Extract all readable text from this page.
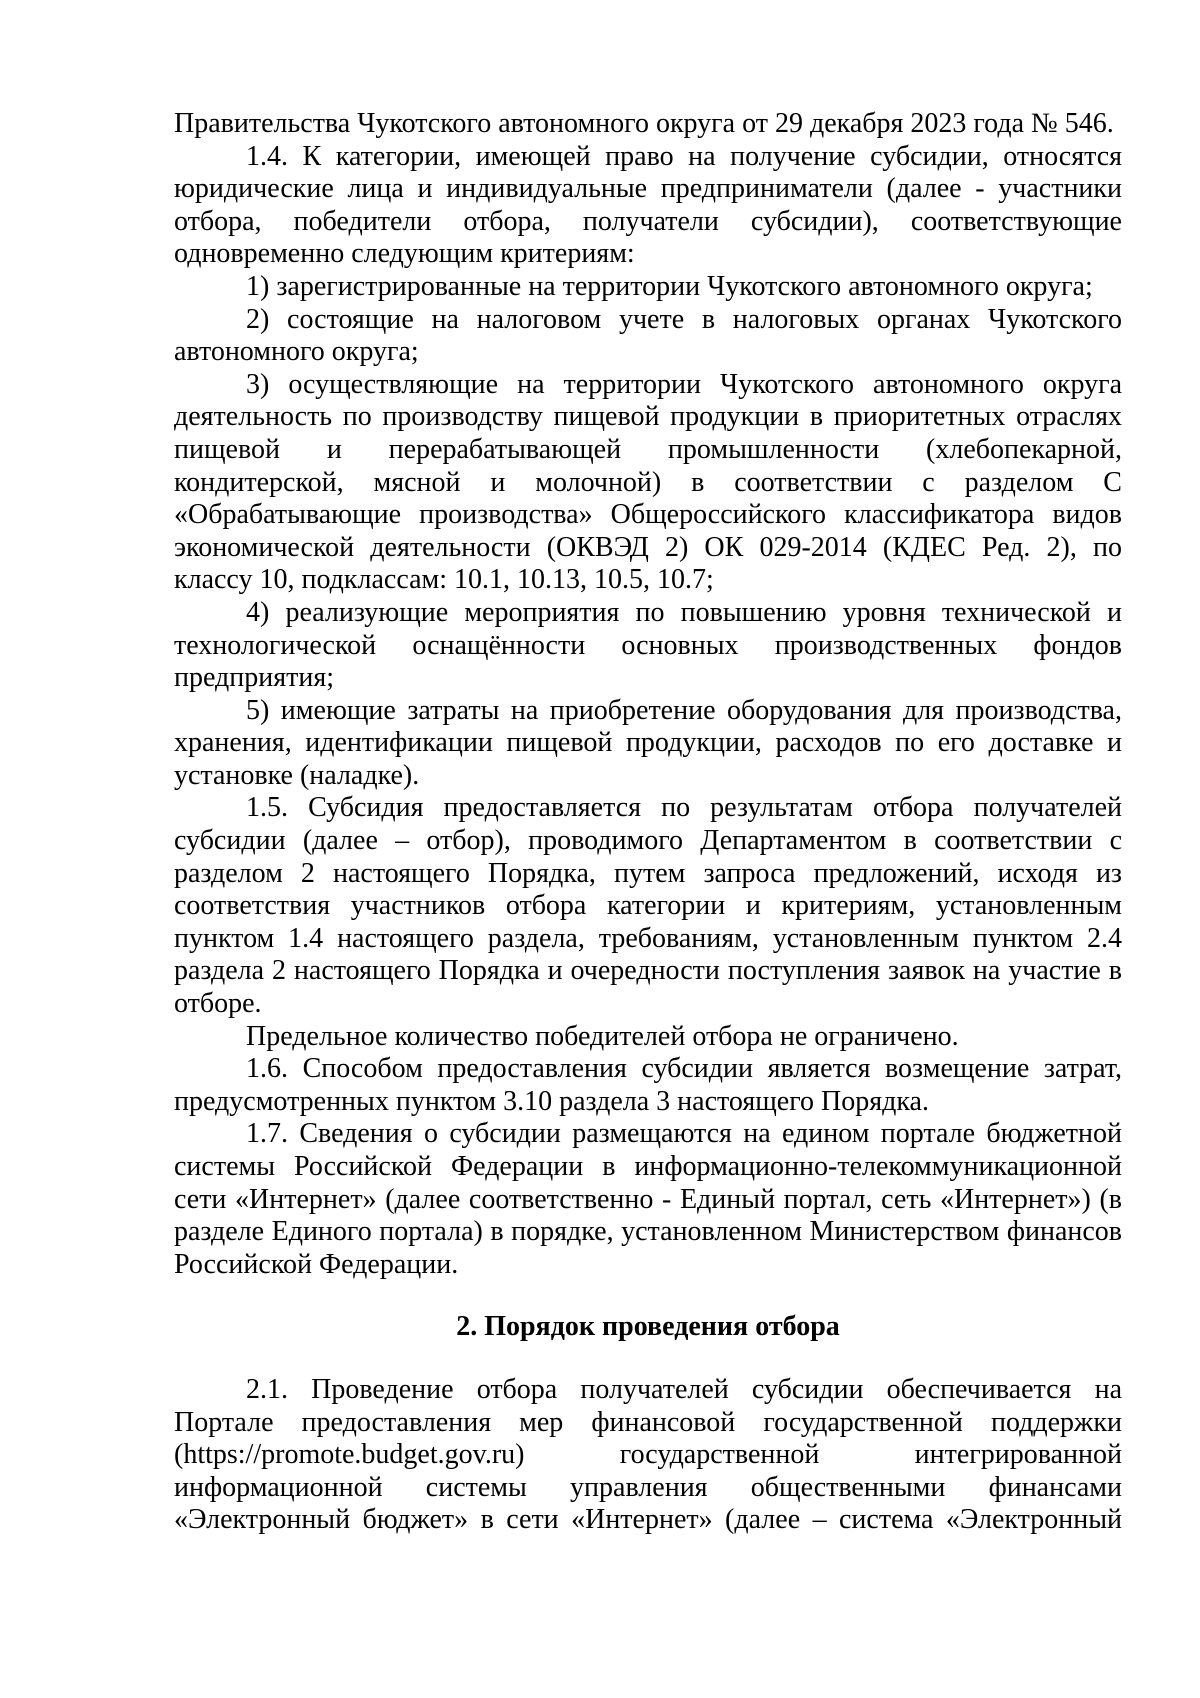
Правительства Чукотского автономного округа от 29 декабря 2023 года № 546.

1.4. К категории, имеющей право на получение субсидии, относятся юридические лица и индивидуальные предприниматели (далее - участники отбора, победители отбора, получатели субсидии), соответствующие одновременно следующим критериям:

1) зарегистрированные на территории Чукотского автономного округа;

2) состоящие на налоговом учете в налоговых органах Чукотского автономного округа;

3) осуществляющие на территории Чукотского автономного округа деятельность по производству пищевой продукции в приоритетных отраслях пищевой и перерабатывающей промышленности (хлебопекарной, кондитерской, мясной и молочной) в соответствии с разделом С «Обрабатывающие производства» Общероссийского классификатора видов экономической деятельности (ОКВЭД 2) ОК 029-2014 (КДЕС Ред. 2), по классу 10, подклассам: 10.1, 10.13, 10.5, 10.7;

4) реализующие мероприятия по повышению уровня технической и технологической оснащённости основных производственных фондов предприятия;

5) имеющие затраты на приобретение оборудования для производства, хранения, идентификации пищевой продукции, расходов по его доставке и установке (наладке).

1.5. Субсидия предоставляется по результатам отбора получателей субсидии (далее – отбор), проводимого Департаментом в соответствии с разделом 2 настоящего Порядка, путем запроса предложений, исходя из соответствия участников отбора категории и критериям, установленным пунктом 1.4 настоящего раздела, требованиям, установленным пунктом 2.4 раздела 2 настоящего Порядка и очередности поступления заявок на участие в отборе.

Предельное количество победителей отбора не ограничено.

1.6. Способом предоставления субсидии является возмещение затрат, предусмотренных пунктом 3.10 раздела 3 настоящего Порядка.

1.7. Сведения о субсидии размещаются на едином портале бюджетной системы Российской Федерации в информационно-телекоммуникационной сети «Интернет» (далее соответственно - Единый портал, сеть «Интернет») (в разделе Единого портала) в порядке, установленном Министерством финансов Российской Федерации.

2. Порядок проведения отбора

2.1. Проведение отбора получателей субсидии обеспечивается на Портале предоставления мер финансовой государственной поддержки (https://promote.budget.gov.ru) государственной интегрированной информационной системы управления общественными финансами «Электронный бюджет» в сети «Интернет» (далее – система «Электронный
